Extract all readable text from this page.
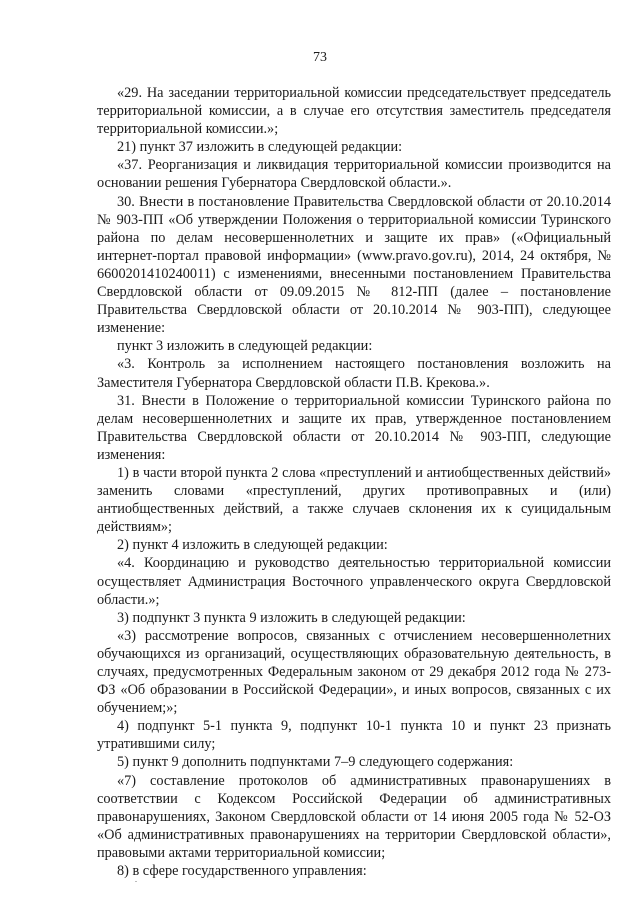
73

«29. На заседании территориальной комиссии председательствует председатель территориальной комиссии, а в случае его отсутствия заместитель председателя территориальной комиссии.»;

21) пункт 37 изложить в следующей редакции:

«37. Реорганизация и ликвидация территориальной комиссии производится на основании решения Губернатора Свердловской области.».

30. Внести в постановление Правительства Свердловской области от 20.10.2014 № 903-ПП «Об утверждении Положения о территориальной комиссии Туринского района по делам несовершеннолетних и защите их прав» («Официальный интернет-портал правовой информации» (www.pravo.gov.ru), 2014, 24 октября, № 6600201410240011) с изменениями, внесенными постановлением Правительства Свердловской области от 09.09.2015 № 812-ПП (далее – постановление Правительства Свердловской области от 20.10.2014 № 903-ПП), следующее изменение:

пункт 3 изложить в следующей редакции:

«3. Контроль за исполнением настоящего постановления возложить на Заместителя Губернатора Свердловской области П.В. Крекова.».

31. Внести в Положение о территориальной комиссии Туринского района по делам несовершеннолетних и защите их прав, утвержденное постановлением Правительства Свердловской области от 20.10.2014 № 903-ПП, следующие изменения:

1) в части второй пункта 2 слова «преступлений и антиобщественных действий» заменить словами «преступлений, других противоправных и (или) антиобщественных действий, а также случаев склонения их к суицидальным действиям»;

2) пункт 4 изложить в следующей редакции:

«4. Координацию и руководство деятельностью территориальной комиссии осуществляет Администрация Восточного управленческого округа Свердловской области.»;

3) подпункт 3 пункта 9 изложить в следующей редакции:

«3) рассмотрение вопросов, связанных с отчислением несовершеннолетних обучающихся из организаций, осуществляющих образовательную деятельность, в случаях, предусмотренных Федеральным законом от 29 декабря 2012 года № 273-ФЗ «Об образовании в Российской Федерации», и иных вопросов, связанных с их обучением;»;

4) подпункт 5-1 пункта 9, подпункт 10-1 пункта 10 и пункт 23 признать утратившими силу;

5) пункт 9 дополнить подпунктами 7–9 следующего содержания:

«7) составление протоколов об административных правонарушениях в соответствии с Кодексом Российской Федерации об административных правонарушениях, Законом Свердловской области от 14 июня 2005 года № 52-ОЗ «Об административных правонарушениях на территории Свердловской области», правовыми актами территориальной комиссии;

8) в сфере государственного управления:
